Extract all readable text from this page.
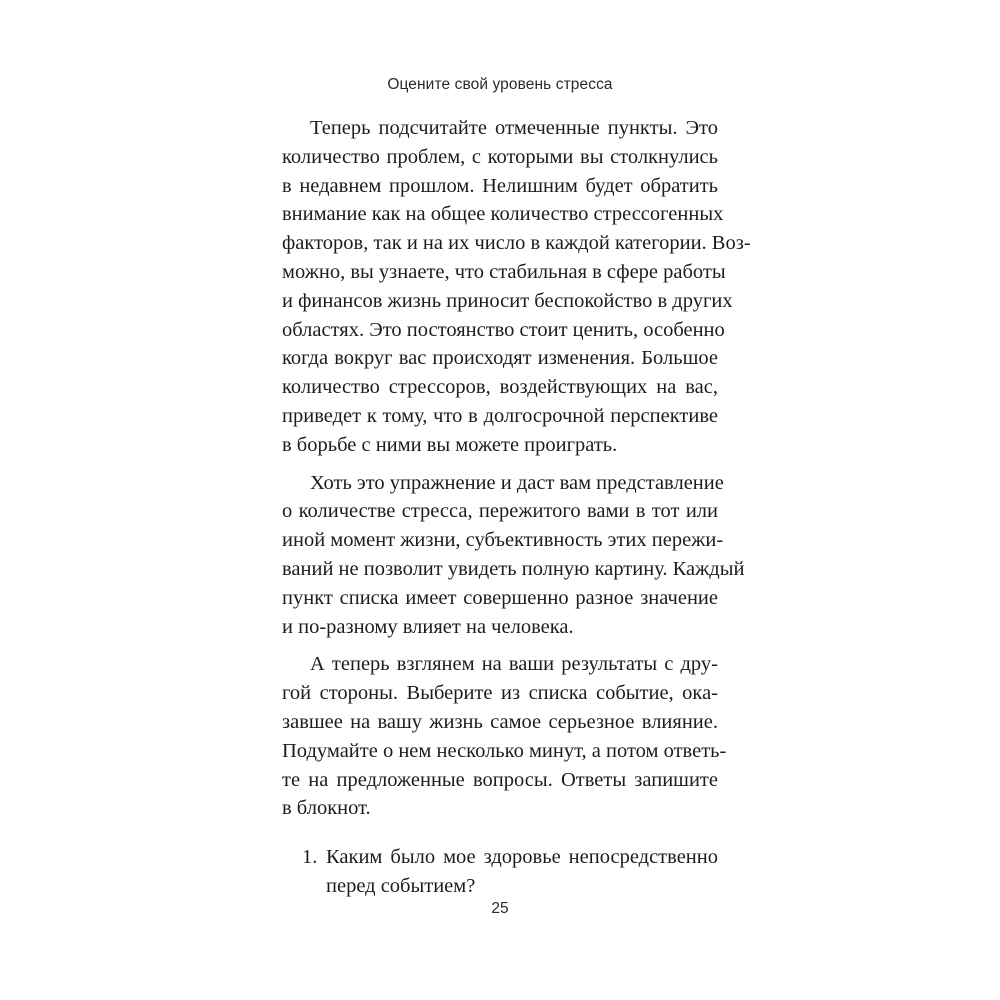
Оцените свой уровень стресса

Теперь подсчитайте отмеченные пункты. Это
количество проблем, с которыми вы столкнулись
в недавнем прошлом. Нелишним будет обратить
внимание как на общее количество стрессогенных
факторов, так и на их число в каждой категории. Воз-
можно, вы узнаете, что стабильная в сфере работы
и финансов жизнь приносит беспокойство в других
областях. Это постоянство стоит ценить, особенно
когда вокруг вас происходят изменения. Большое
количество стрессоров, воздействующих на вас,
приведет к тому, что в долгосрочной перспективе
в борьбе с ними вы можете проиграть.
Хоть это упражнение и даст вам представление
о количестве стресса, пережитого вами в тот или
иной момент жизни, субъективность этих пережи-
ваний не позволит увидеть полную картину. Каждый
пункт списка имеет совершенно разное значение
и по-разному влияет на человека.
А теперь взглянем на ваши результаты с дру-
гой стороны. Выберите из списка событие, ока-
завшее на вашу жизнь самое серьезное влияние.
Подумайте о нем несколько минут, а потом ответь-
те на предложенные вопросы. Ответы запишите
в блокнот.
1. Каким было мое здоровье непосредственно
перед событием?

25
